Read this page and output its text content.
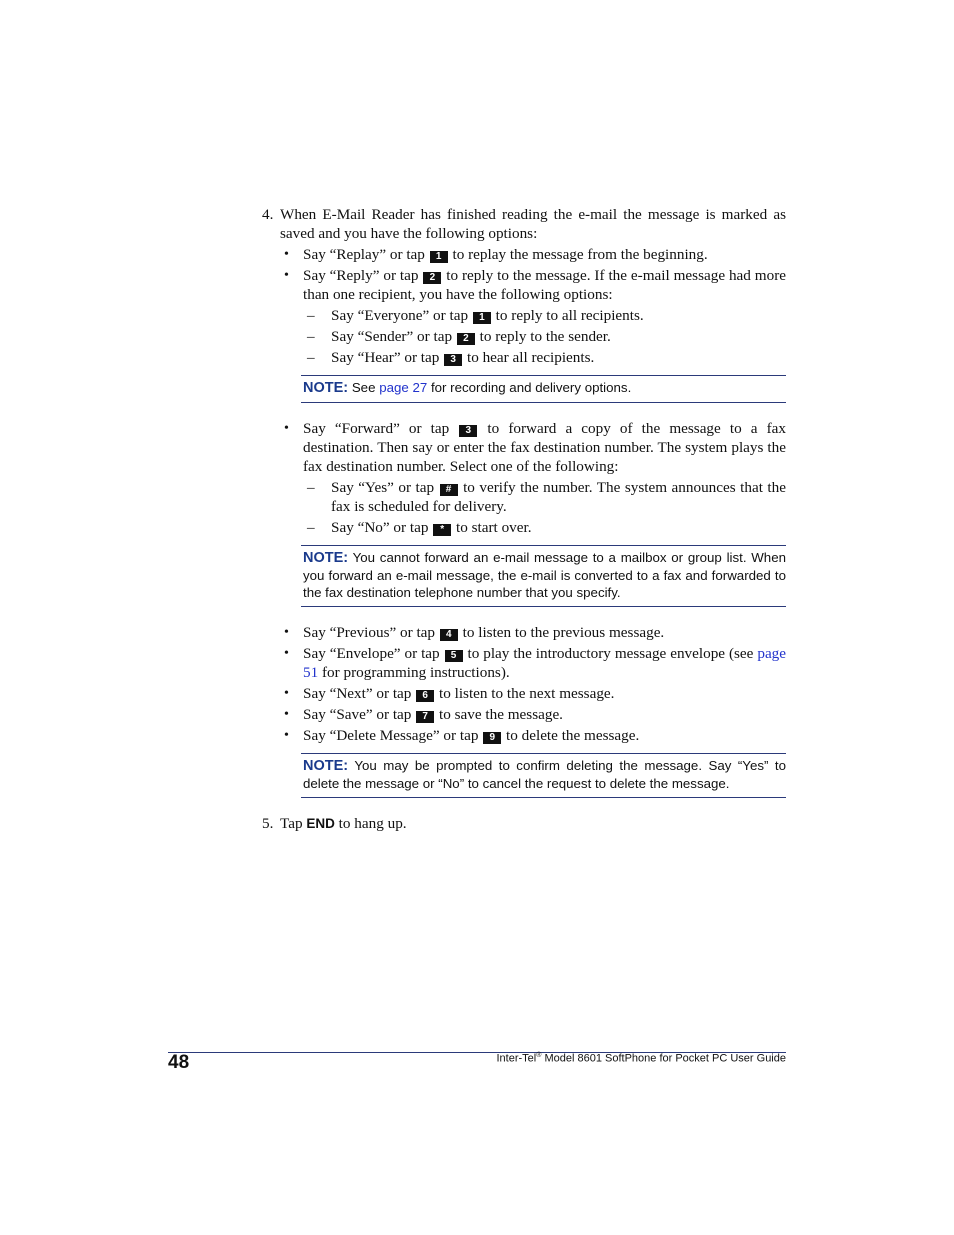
4. When E-Mail Reader has finished reading the e-mail the message is marked as saved and you have the following options:
• Say “Replay” or tap 1 to replay the message from the beginning.
• Say “Reply” or tap 2 to reply to the message. If the e-mail message had more than one recipient, you have the following options:
– Say “Everyone” or tap 1 to reply to all recipients.
– Say “Sender” or tap 2 to reply to the sender.
– Say “Hear” or tap 3 to hear all recipients.
NOTE: See page 27 for recording and delivery options.
• Say “Forward” or tap 3 to forward a copy of the message to a fax destination. Then say or enter the fax destination number. The system plays the fax destination number. Select one of the following:
– Say “Yes” or tap # to verify the number. The system announces that the fax is scheduled for delivery.
– Say “No” or tap * to start over.
NOTE: You cannot forward an e-mail message to a mailbox or group list. When you forward an e-mail message, the e-mail is converted to a fax and forwarded to the fax destination telephone number that you specify.
• Say “Previous” or tap 4 to listen to the previous message.
• Say “Envelope” or tap 5 to play the introductory message envelope (see page 51 for programming instructions).
• Say “Next” or tap 6 to listen to the next message.
• Say “Save” or tap 7 to save the message.
• Say “Delete Message” or tap 9 to delete the message.
NOTE: You may be prompted to confirm deleting the message. Say “Yes” to delete the message or “No” to cancel the request to delete the message.
5. Tap END to hang up.
48	Inter-Tel® Model 8601 SoftPhone for Pocket PC User Guide
